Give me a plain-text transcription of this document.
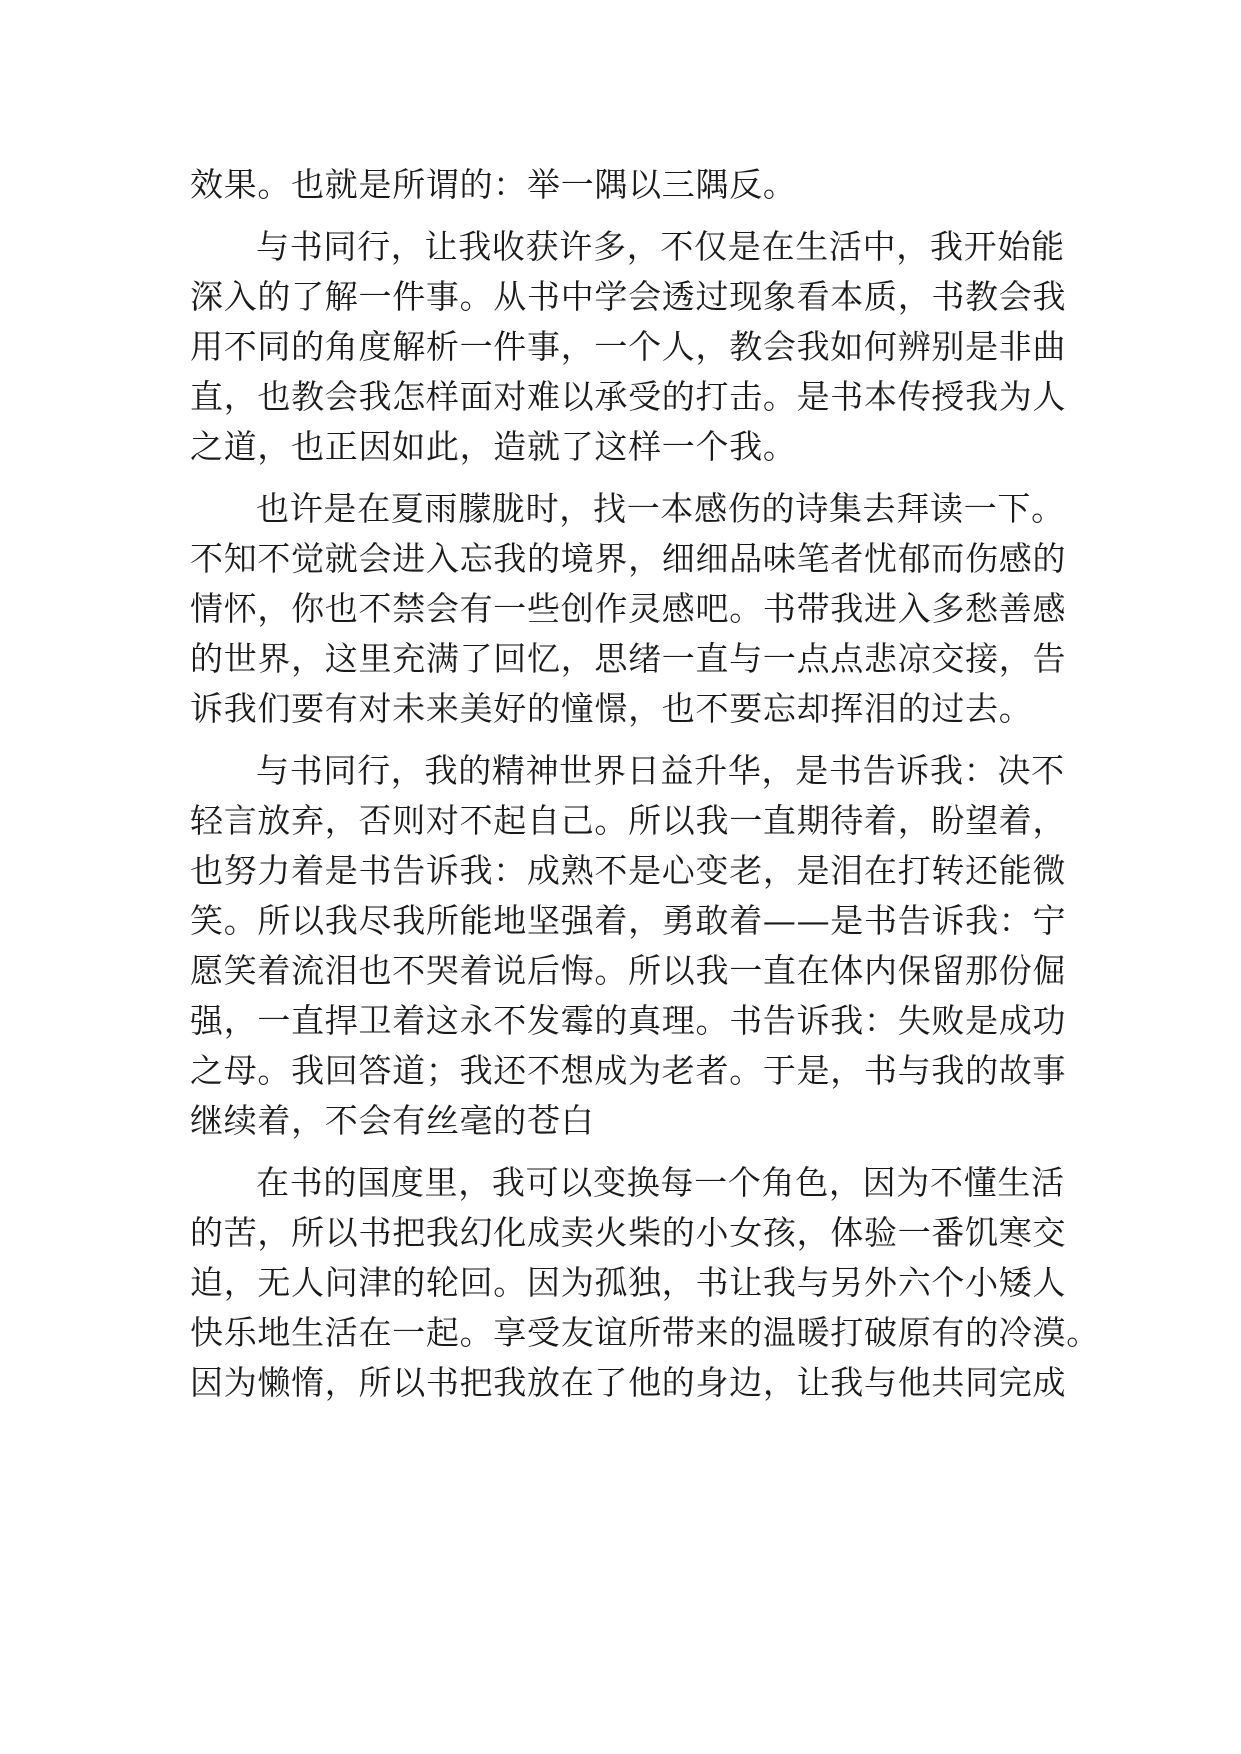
效果。也就是所谓的：举一隅以三隅反。
与书同行，让我收获许多，不仅是在生活中，我开始能
深入的了解一件事。从书中学会透过现象看本质，书教会我
用不同的角度解析一件事，一个人，教会我如何辨别是非曲
直，也教会我怎样面对难以承受的打击。是书本传授我为人
之道，也正因如此，造就了这样一个我。
也许是在夏雨朦胧时，找一本感伤的诗集去拜读一下。
不知不觉就会进入忘我的境界，细细品味笔者忧郁而伤感的
情怀，你也不禁会有一些创作灵感吧。书带我进入多愁善感
的世界，这里充满了回忆，思绪一直与一点点悲凉交接，告
诉我们要有对未来美好的憧憬，也不要忘却挥泪的过去。
与书同行，我的精神世界日益升华，是书告诉我：决不
轻言放弃，否则对不起自己。所以我一直期待着，盼望着，
也努力着是书告诉我：成熟不是心变老，是泪在打转还能微
笑。所以我尽我所能地坚强着，勇敢着——是书告诉我：宁
愿笑着流泪也不哭着说后悔。所以我一直在体内保留那份倔
强，一直捍卫着这永不发霉的真理。书告诉我：失败是成功
之母。我回答道；我还不想成为老者。于是，书与我的故事
继续着，不会有丝毫的苍白
在书的国度里，我可以变换每一个角色，因为不懂生活
的苦，所以书把我幻化成卖火柴的小女孩，体验一番饥寒交
迫，无人问津的轮回。因为孤独，书让我与另外六个小矮人
快乐地生活在一起。享受友谊所带来的温暖打破原有的冷漠。
因为懒惰，所以书把我放在了他的身边，让我与他共同完成
